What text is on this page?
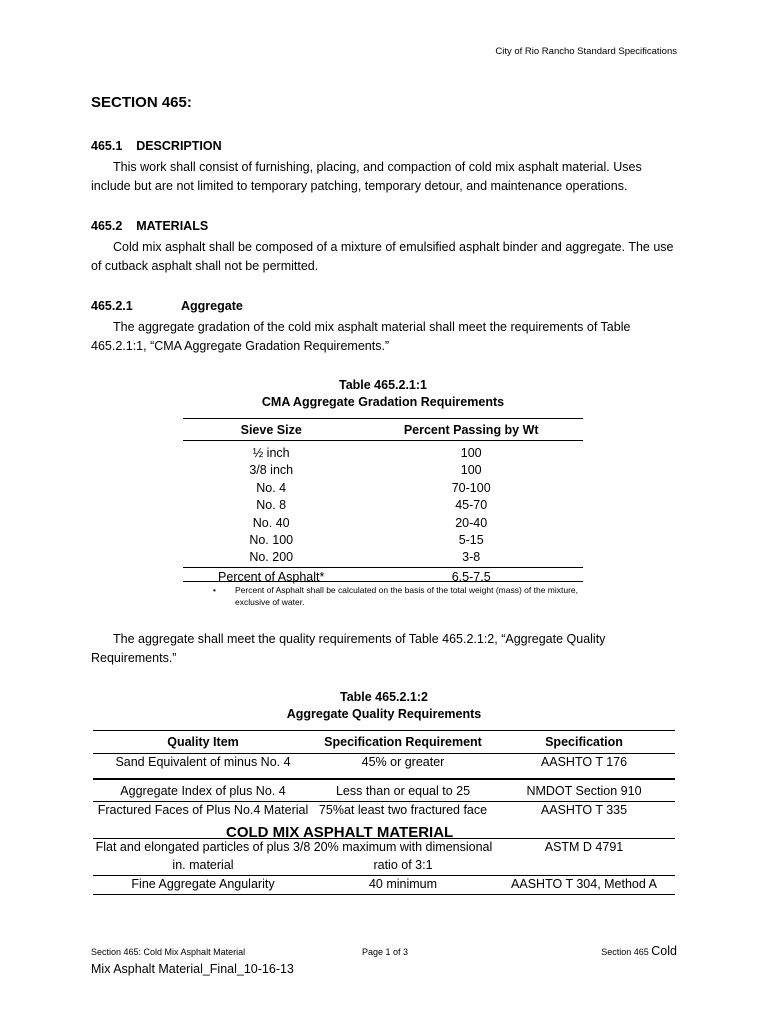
City of Rio Rancho Standard Specifications
SECTION 465:
COLD MIX ASPHALT MATERIAL
465.1 DESCRIPTION

This work shall consist of furnishing, placing, and compaction of cold mix asphalt material. Uses include but are not limited to temporary patching, temporary detour, and maintenance operations.

465.2 MATERIALS

Cold mix asphalt shall be composed of a mixture of emulsified asphalt binder and aggregate. The use of cutback asphalt shall not be permitted.

465.2.1	Aggregate

The aggregate gradation of the cold mix asphalt material shall meet the requirements of Table 465.2.1:1, “CMA Aggregate Gradation Requirements.”

Table 465.2.1:1
CMA Aggregate Gradation Requirements
Sieve Size	Percent Passing by Wt
½ inch	100
3/8 inch	100
No. 4	70-100
No. 8	45-70
No. 40	20-40
No. 100	5-15
No. 200	3-8
Percent of Asphalt*	6.5-7.5
• Percent of Asphalt shall be calculated on the basis of the total weight (mass) of the mixture, exclusive of water.

The aggregate shall meet the quality requirements of Table 465.2.1:2, “Aggregate Quality Requirements.”

Table 465.2.1:2
Aggregate Quality Requirements
Quality Item	Specification Requirement	Specification
Sand Equivalent of minus No. 4	45% or greater	AASHTO T 176
Aggregate Index of plus No. 4	Less than or equal to 25	NMDOT Section 910
Fractured Faces of Plus No.4 Material	75%at least two fractured face	AASHTO T 335
Flat and elongated particles of plus 3/8 in. material	20% maximum with dimensional ratio of 3:1	ASTM D 4791
Fine Aggregate Angularity	40 minimum	AASHTO T 304, Method A
Section 465: Cold Mix Asphalt Material	Page 1 of 3	Section 465 Cold
Mix Asphalt Material_Final_10-16-13
